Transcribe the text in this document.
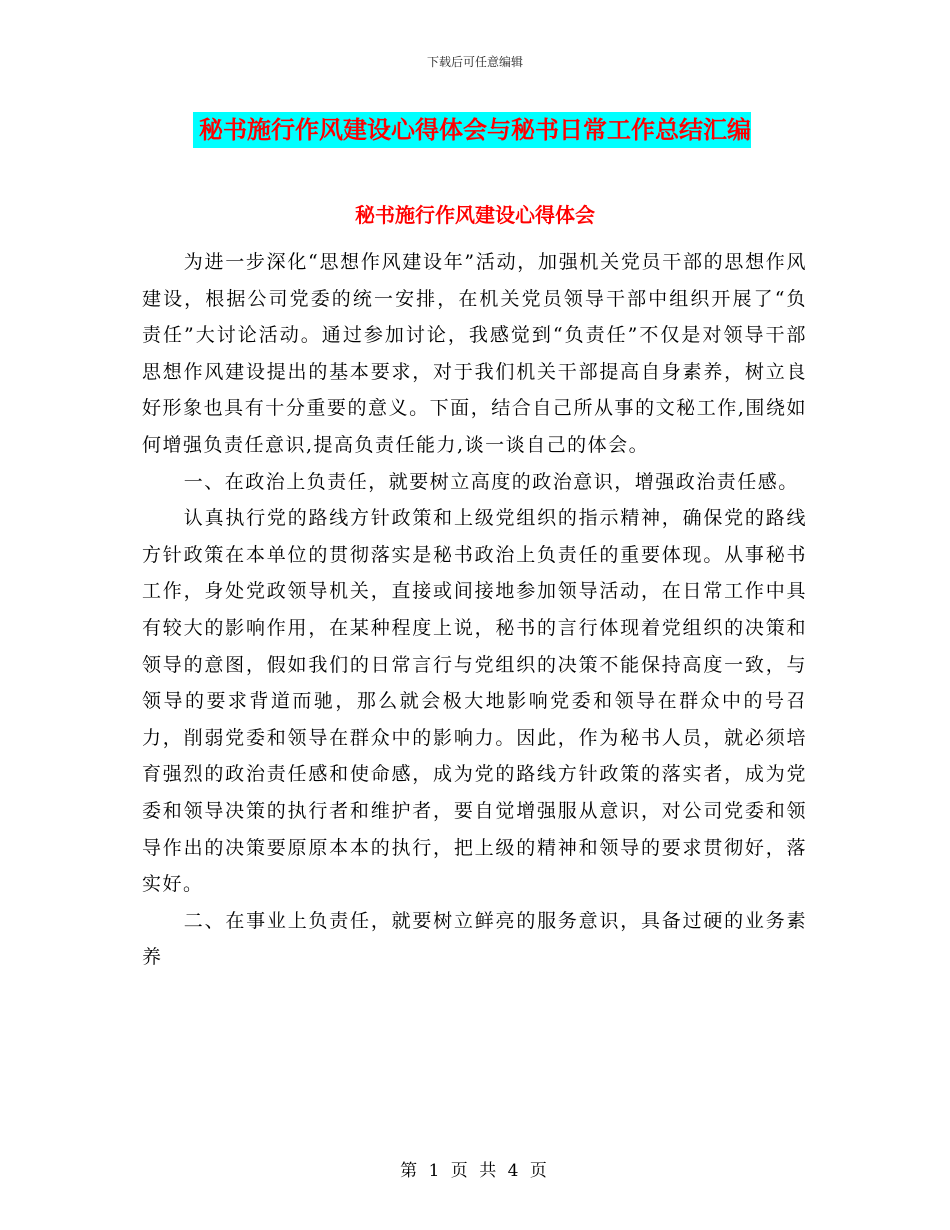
下载后可任意编辑
秘书施行作风建设心得体会与秘书日常工作总结汇编
秘书施行作风建设心得体会

为进一步深化“思想作风建设年”活动，加强机关党员干部的思想作风建设，根据公司党委的统一安排，在机关党员领导干部中组织开展了“负责任”大讨论活动。通过参加讨论，我感觉到“负责任”不仅是对领导干部思想作风建设提出的基本要求，对于我们机关干部提高自身素养，树立良好形象也具有十分重要的意义。下面，结合自己所从事的文秘工作,围绕如何增强负责任意识,提高负责任能力,谈一谈自己的体会。

一、在政治上负责任，就要树立高度的政治意识，增强政治责任感。

认真执行党的路线方针政策和上级党组织的指示精神，确保党的路线方针政策在本单位的贯彻落实是秘书政治上负责任的重要体现。从事秘书工作，身处党政领导机关，直接或间接地参加领导活动，在日常工作中具有较大的影响作用，在某种程度上说，秘书的言行体现着党组织的决策和领导的意图，假如我们的日常言行与党组织的决策不能保持高度一致，与领导的要求背道而驰，那么就会极大地影响党委和领导在群众中的号召力，削弱党委和领导在群众中的影响力。因此，作为秘书人员，就必须培育强烈的政治责任感和使命感，成为党的路线方针政策的落实者，成为党委和领导决策的执行者和维护者，要自觉增强服从意识，对公司党委和领导作出的决策要原原本本的执行，把上级的精神和领导的要求贯彻好，落实好。

二、在事业上负责任，就要树立鲜亮的服务意识，具备过硬的业务素养

第 1 页 共 4 页
